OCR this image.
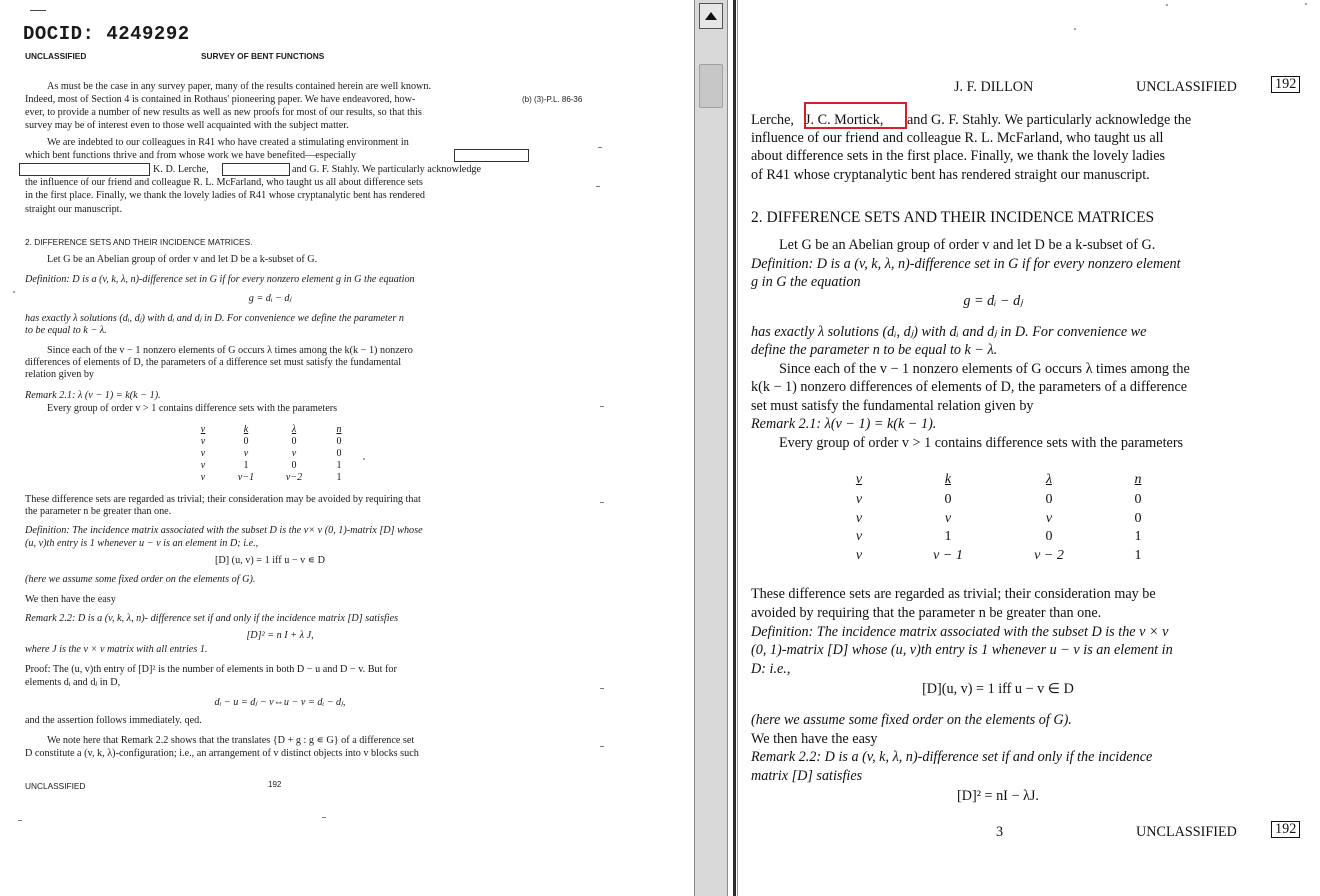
DOCID: 4249292
UNCLASSIFIED	SURVEY OF BENT FUNCTIONS
As must be the case in any survey paper, many of the results contained herein are well known.
Indeed, most of Section 4 is contained in Rothaus' pioneering paper. We have endeavored, how-	(b) (3)-P.L. 86-36
ever, to provide a number of new results as well as new proofs for most of our results, so that this
survey may be of interest even to those well acquainted with the subject matter.
We are indebted to our colleagues in R41 who have created a stimulating environment in
which bent functions thrive and from whose work we have benefited—especially
K. D. Lerche,	and G. F. Stahly. We particularly acknowledge
the influence of our friend and colleague R. L. McFarland, who taught us all about difference sets
in the first place. Finally, we thank the lovely ladies of R41 whose cryptanalytic bent has rendered
straight our manuscript.
2. DIFFERENCE SETS AND THEIR INCIDENCE MATRICES.
Let G be an Abelian group of order v and let D be a k-subset of G.
Definition: D is a (v, k, λ, n)-difference set in G if for every nonzero element g in G the equation
g = dᵢ − dⱼ
has exactly λ solutions (dᵢ, dⱼ) with dᵢ and dⱼ in D. For convenience we define the parameter n
to be equal to k − λ.
Since each of the v − 1 nonzero elements of G occurs λ times among the k(k − 1) nonzero
differences of elements of D, the parameters of a difference set must satisfy the fundamental
relation given by
Remark 2.1: λ (v − 1) = k(k − 1).
Every group of order v > 1 contains difference sets with the parameters
v	k	λ	n
v	0	0	0
v	v	v	0
v	1	0	1
v	v−1	v−2	1
These difference sets are regarded as trivial; their consideration may be avoided by requiring that
the parameter n be greater than one.
Definition: The incidence matrix associated with the subset D is the v× v (0, 1)-matrix [D] whose
(u, v)th entry is 1 whenever u − v is an element in D; i.e.,
[D] (u, v) = 1 iff u − v ∊ D
(here we assume some fixed order on the elements of G).
We then have the easy
Remark 2.2: D is a (v, k, λ, n)- difference set if and only if the incidence matrix [D] satisfies
[D]² = n I + λ J,
where J is the v × v matrix with all entries 1.
Proof: The (u, v)th entry of [D]² is the number of elements in both D − u and D − v. But for
elements dᵢ and dⱼ in D,
dᵢ − u = dⱼ − v⇔u − v = dᵢ − dⱼ,
and the assertion follows immediately. qed.
We note here that Remark 2.2 shows that the translates {D + g : g ∊ G} of a difference set
D constitute a (v, k, λ)-configuration; i.e., an arrangement of v distinct objects into v blocks such
UNCLASSIFIED	192
J. F. DILLON	UNCLASSIFIED	192
Lerche, J. C. Mortick, and G. F. Stahly. We particularly acknowledge the
influence of our friend and colleague R. L. McFarland, who taught us all
about difference sets in the first place. Finally, we thank the lovely ladies
of R41 whose cryptanalytic bent has rendered straight our manuscript.
2. DIFFERENCE SETS AND THEIR INCIDENCE MATRICES
Let G be an Abelian group of order v and let D be a k-subset of G.
Definition: D is a (v, k, λ, n)-difference set in G if for every nonzero element
g in G the equation
g = dᵢ − dⱼ
has exactly λ solutions (dᵢ, dⱼ) with dᵢ and dⱼ in D. For convenience we
define the parameter n to be equal to k − λ.
Since each of the v − 1 nonzero elements of G occurs λ times among the
k(k − 1) nonzero differences of elements of D, the parameters of a difference
set must satisfy the fundamental relation given by
Remark 2.1: λ(v − 1) = k(k − 1).
Every group of order v > 1 contains difference sets with the parameters
v	k	λ	n
v	0	0	0
v	v	v	0
v	1	0	1
v	v − 1	v − 2	1
These difference sets are regarded as trivial; their consideration may be
avoided by requiring that the parameter n be greater than one.
Definition: The incidence matrix associated with the subset D is the v × v
(0, 1)-matrix [D] whose (u, v)th entry is 1 whenever u − v is an element in
D: i.e.,
[D](u, v) = 1 iff u − v ∈ D
(here we assume some fixed order on the elements of G).
We then have the easy
Remark 2.2: D is a (v, k, λ, n)-difference set if and only if the incidence
matrix [D] satisfies
[D]² = nI − λJ.
3	UNCLASSIFIED	192
